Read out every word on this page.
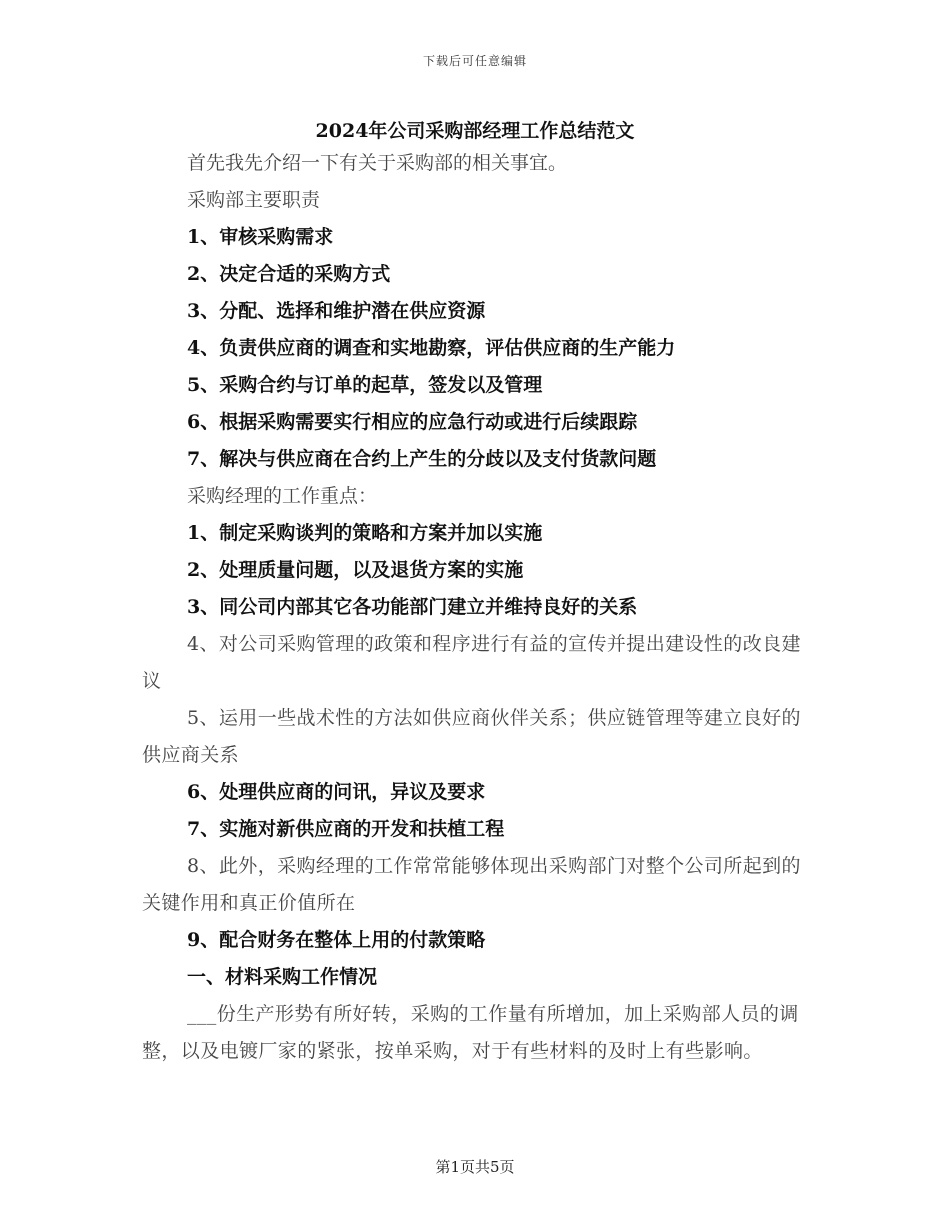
下载后可任意编辑
2024年公司采购部经理工作总结范文
首先我先介绍一下有关于采购部的相关事宜。
采购部主要职责
1、审核采购需求
2、决定合适的采购方式
3、分配、选择和维护潜在供应资源
4、负责供应商的调查和实地勘察，评估供应商的生产能力
5、采购合约与订单的起草，签发以及管理
6、根据采购需要实行相应的应急行动或进行后续跟踪
7、解决与供应商在合约上产生的分歧以及支付货款问题
采购经理的工作重点：
1、制定采购谈判的策略和方案并加以实施
2、处理质量问题，以及退货方案的实施
3、同公司内部其它各功能部门建立并维持良好的关系
4、对公司采购管理的政策和程序进行有益的宣传并提出建设性的改良建议
5、运用一些战术性的方法如供应商伙伴关系；供应链管理等建立良好的供应商关系
6、处理供应商的问讯，异议及要求
7、实施对新供应商的开发和扶植工程
8、此外，采购经理的工作常常能够体现出采购部门对整个公司所起到的关键作用和真正价值所在
9、配合财务在整体上用的付款策略
一、材料采购工作情况
___份生产形势有所好转，采购的工作量有所增加，加上采购部人员的调整，以及电镀厂家的紧张，按单采购，对于有些材料的及时上有些影响。
第1页共5页
